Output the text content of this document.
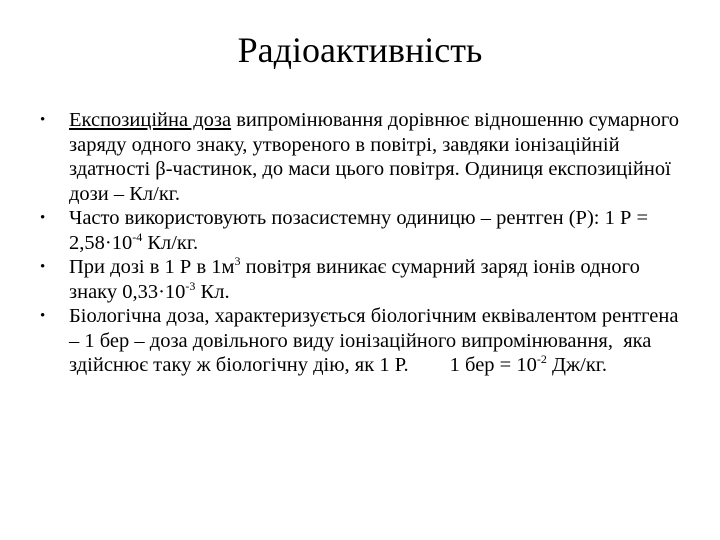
Радіоактивність
•	Експозиційна доза випромінювання дорівнює відношенню сумарного заряду одного знаку, утвореного в повітрі, завдяки іонізаційній здатності β-частинок, до маси цього повітря. Одиниця експозиційної дози – Кл/кг.
•	Часто використовують позасистемну одиницю – рентген (Р): 1 $Р = 2,58\cdot 10^{-4}$ Кл/кг.
•	При дозі в 1 Р в $1м^3$ повітря виникає сумарний заряд іонів одного знаку $0,33\cdot 10^{-3}$ Кл.
•	Біологічна доза, характеризується біологічним еквівалентом рентгена – 1 бер – доза довільного виду іонізаційного випромінювання,  яка здійснює таку ж біологічну дію, як 1 Р.        1 бер = $10^{-2}$ Дж/кг.
